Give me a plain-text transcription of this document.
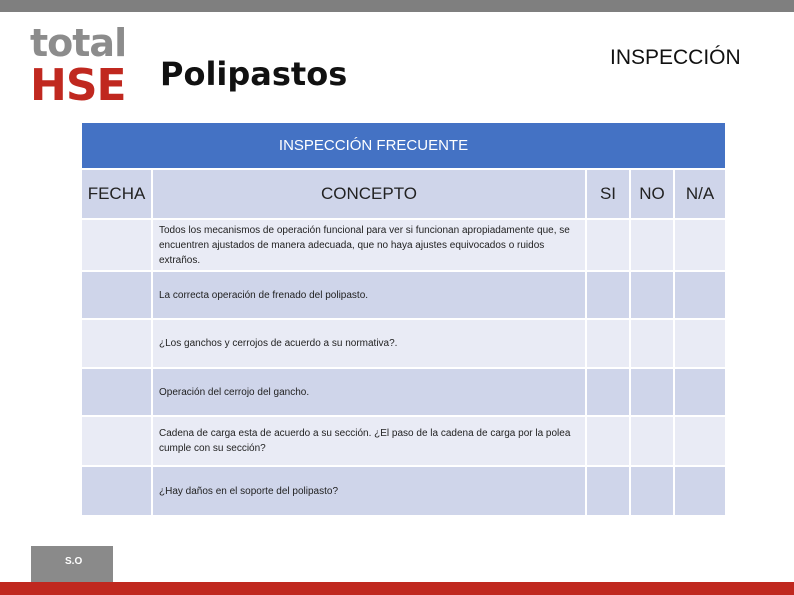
total
HSE Polipastos	INSPECCIÓN
INSPECCIÓN FRECUENTE				
FECHA	CONCEPTO	SI	NO	N/A
	Todos los mecanismos de operación funcional para ver si funcionan apropiadamente que, se encuentren ajustados de manera adecuada, que no haya ajustes equivocados o ruidos extraños.			
	La correcta operación de frenado del polipasto.			
	¿Los ganchos y cerrojos de acuerdo a su normativa?.			
	Operación del cerrojo del gancho.			
	Cadena de carga esta de acuerdo a su sección. ¿El paso de la cadena de carga por la polea cumple con su sección?			
	¿Hay daños en el soporte del polipasto?			
S.O
